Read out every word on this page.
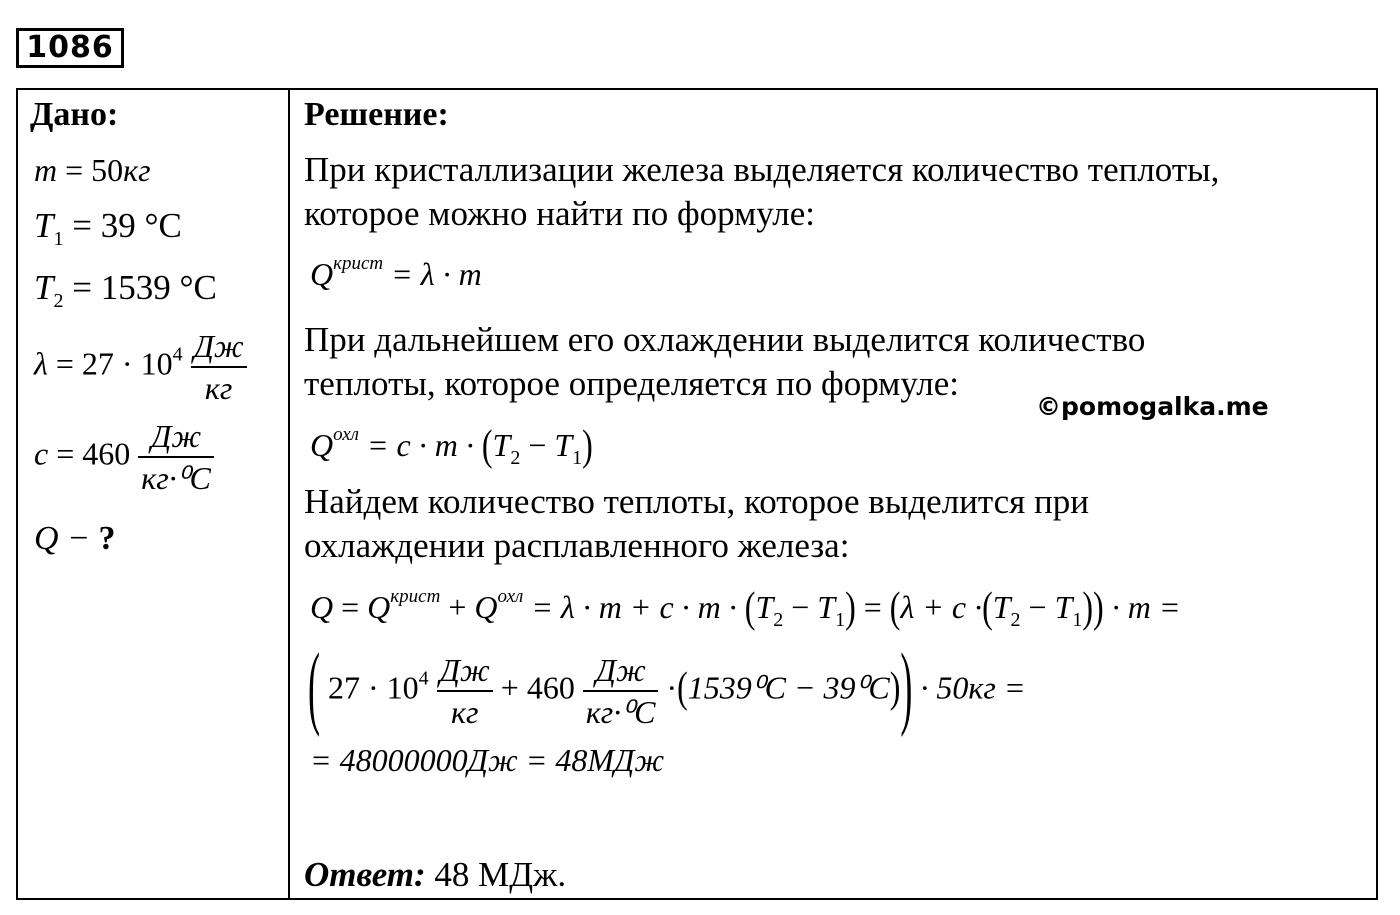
1086
Дано:
m = 50кг
$T_1 = 39$ °C
$T_2 = 1539$ °C
$\lambda = 27 \cdot 10^4 \frac{Дж}{кг}$
$c = 460 \frac{Дж}{\text{кг·⁰C}}$
Q − ?
Решение:
При кристаллизации железа выделяется количество теплоты,
которое можно найти по формуле:
$Q^{крист} = \lambda \cdot m$
При дальнейшем его охлаждении выделится количество
теплоты, которое определяется по формуле:
$Q^{охл} = c \cdot m \cdot (T_2 - T_1)$
Найдем количество теплоты, которое выделится при
охлаждении расплавленного железа:
$Q = Q^{крист} + Q^{охл} = \lambda \cdot m + c \cdot m \cdot (T_2 - T_1) = (\lambda + c \cdot(T_2 - T_1)) \cdot m$ =
( $27 \cdot 10^4 \frac{Дж}{кг} + 460 \frac{Дж}{\text{кг·⁰C}} \cdot(1539^0C - 39^0C)) \cdot 50кг$ =
= 48000000Дж = 48МДж
Ответ: 48 МДж.
©pomogalka.me
